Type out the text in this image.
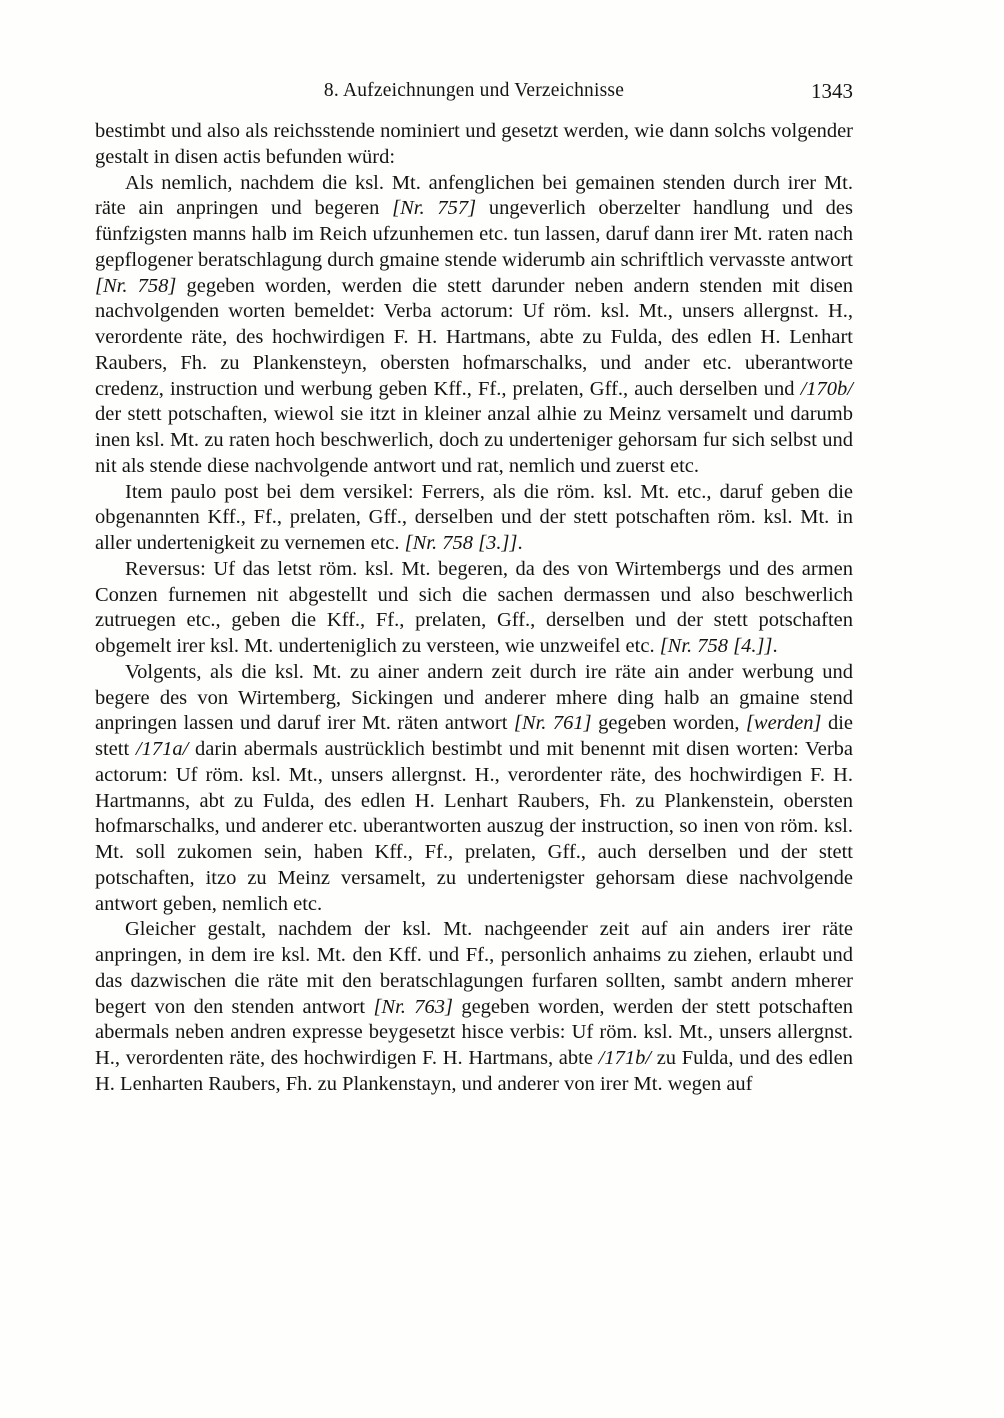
8. Aufzeichnungen und Verzeichnisse	1343

bestimbt und also als reichsstende nominiert und gesetzt werden, wie dann solchs volgender gestalt in disen actis befunden würd:

Als nemlich, nachdem die ksl. Mt. anfenglichen bei gemainen stenden durch irer Mt. räte ain anpringen und begeren [Nr. 757] ungeverlich oberzelter handlung und des fünfzigsten manns halb im Reich ufzunhemen etc. tun lassen, daruf dann irer Mt. raten nach gepflogener beratschlagung durch gmaine stende widerumb ain schriftlich vervasste antwort [Nr. 758] gegeben worden, werden die stett darunder neben andern stenden mit disen nachvolgenden worten bemeldet: Verba actorum: Uf röm. ksl. Mt., unsers allergnst. H., verordente räte, des hochwirdigen F. H. Hartmans, abte zu Fulda, des edlen H. Lenhart Raubers, Fh. zu Plankensteyn, obersten hofmarschalks, und ander etc. uberantworte credenz, instruction und werbung geben Kff., Ff., prelaten, Gff., auch derselben und /170b/ der stett potschaften, wiewol sie itzt in kleiner anzal alhie zu Meinz versamelt und darumb inen ksl. Mt. zu raten hoch beschwerlich, doch zu underteniger gehorsam fur sich selbst und nit als stende diese nachvolgende antwort und rat, nemlich und zuerst etc.

Item paulo post bei dem versikel: Ferrers, als die röm. ksl. Mt. etc., daruf geben die obgenannten Kff., Ff., prelaten, Gff., derselben und der stett potschaften röm. ksl. Mt. in aller undertenigkeit zu vernemen etc. [Nr. 758 [3.]].

Reversus: Uf das letst röm. ksl. Mt. begeren, da des von Wirtembergs und des armen Conzen furnemen nit abgestellt und sich die sachen dermassen und also beschwerlich zutruegen etc., geben die Kff., Ff., prelaten, Gff., derselben und der stett potschaften obgemelt irer ksl. Mt. underteniglich zu versteen, wie unzweifel etc. [Nr. 758 [4.]].

Volgents, als die ksl. Mt. zu ainer andern zeit durch ire räte ain ander werbung und begere des von Wirtemberg, Sickingen und anderer mhere ding halb an gmaine stend anpringen lassen und daruf irer Mt. räten antwort [Nr. 761] gegeben worden, [werden] die stett /171a/ darin abermals austrücklich bestimbt und mit benennt mit disen worten: Verba actorum: Uf röm. ksl. Mt., unsers allergnst. H., verordenter räte, des hochwirdigen F. H. Hartmanns, abt zu Fulda, des edlen H. Lenhart Raubers, Fh. zu Plankenstein, obersten hofmarschalks, und anderer etc. uberantworten auszug der instruction, so inen von röm. ksl. Mt. soll zukomen sein, haben Kff., Ff., prelaten, Gff., auch derselben und der stett potschaften, itzo zu Meinz versamelt, zu undertenigster gehorsam diese nachvolgende antwort geben, nemlich etc.

Gleicher gestalt, nachdem der ksl. Mt. nachgeender zeit auf ain anders irer räte anpringen, in dem ire ksl. Mt. den Kff. und Ff., personlich anhaims zu ziehen, erlaubt und das dazwischen die räte mit den beratschlagungen furfaren sollten, sambt andern mherer begert von den stenden antwort [Nr. 763] gegeben worden, werden der stett potschaften abermals neben andren expresse beygesetzt hisce verbis: Uf röm. ksl. Mt., unsers allergnst. H., verordenten räte, des hochwirdigen F. H. Hartmans, abte /171b/ zu Fulda, und des edlen H. Lenharten Raubers, Fh. zu Plankenstayn, und anderer von irer Mt. wegen auf
